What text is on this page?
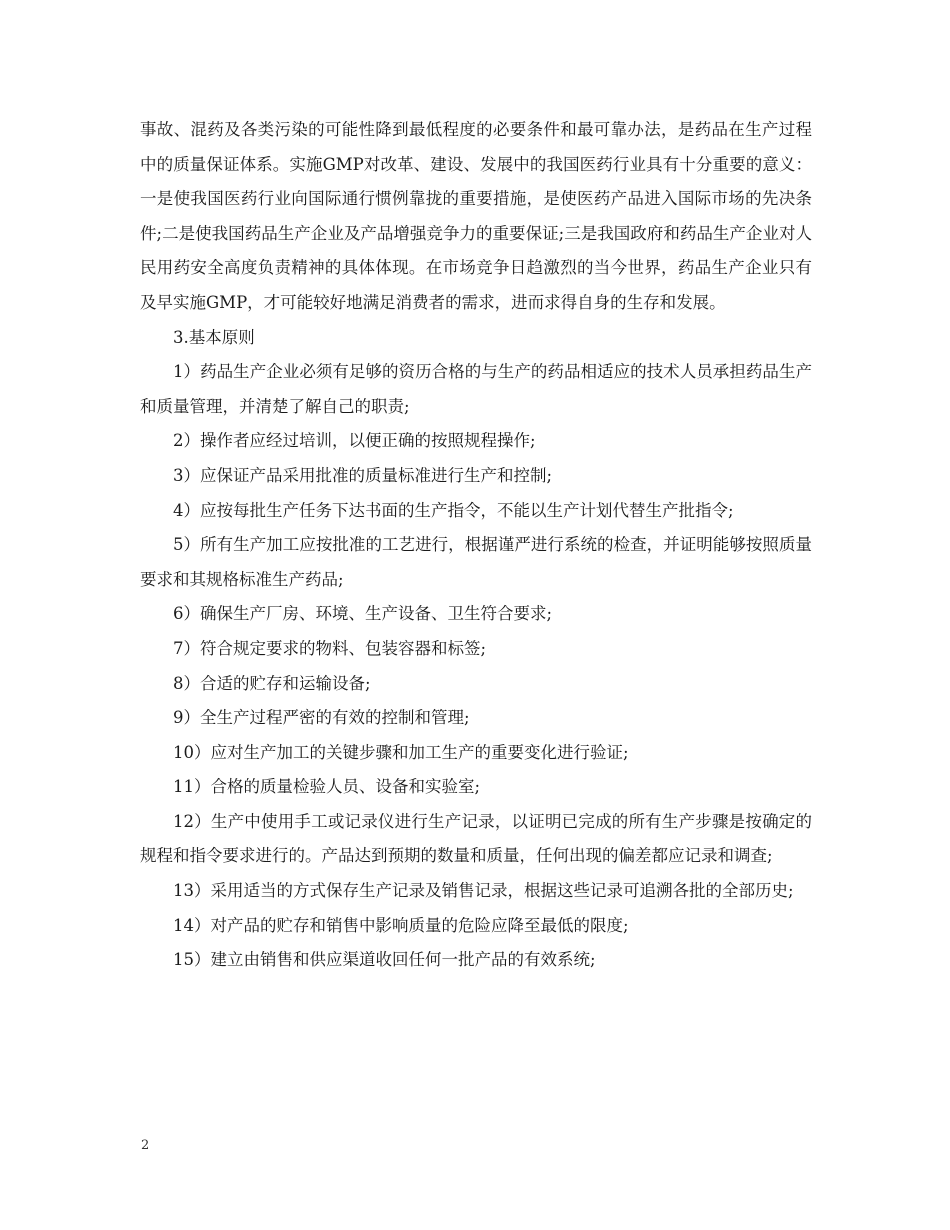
事故、混药及各类污染的可能性降到最低程度的必要条件和最可靠办法，是药品在生产过程中的质量保证体系。实施GMP对改革、建设、发展中的我国医药行业具有十分重要的意义：一是使我国医药行业向国际通行惯例靠拢的重要措施，是使医药产品进入国际市场的先决条件;二是使我国药品生产企业及产品增强竞争力的重要保证;三是我国政府和药品生产企业对人民用药安全高度负责精神的具体体现。在市场竞争日趋激烈的当今世界，药品生产企业只有及早实施GMP，才可能较好地满足消费者的需求，进而求得自身的生存和发展。

3.基本原则

1）药品生产企业必须有足够的资历合格的与生产的药品相适应的技术人员承担药品生产和质量管理，并清楚了解自己的职责;

2）操作者应经过培训，以便正确的按照规程操作;

3）应保证产品采用批准的质量标准进行生产和控制;

4）应按每批生产任务下达书面的生产指令，不能以生产计划代替生产批指令;

5）所有生产加工应按批准的工艺进行，根据谨严进行系统的检查，并证明能够按照质量要求和其规格标准生产药品;

6）确保生产厂房、环境、生产设备、卫生符合要求;

7）符合规定要求的物料、包装容器和标签;

8）合适的贮存和运输设备;

9）全生产过程严密的有效的控制和管理;

10）应对生产加工的关键步骤和加工生产的重要变化进行验证;

11）合格的质量检验人员、设备和实验室;

12）生产中使用手工或记录仪进行生产记录，以证明已完成的所有生产步骤是按确定的规程和指令要求进行的。产品达到预期的数量和质量，任何出现的偏差都应记录和调查;

13）采用适当的方式保存生产记录及销售记录，根据这些记录可追溯各批的全部历史;

14）对产品的贮存和销售中影响质量的危险应降至最低的限度;

15）建立由销售和供应渠道收回任何一批产品的有效系统;

2
